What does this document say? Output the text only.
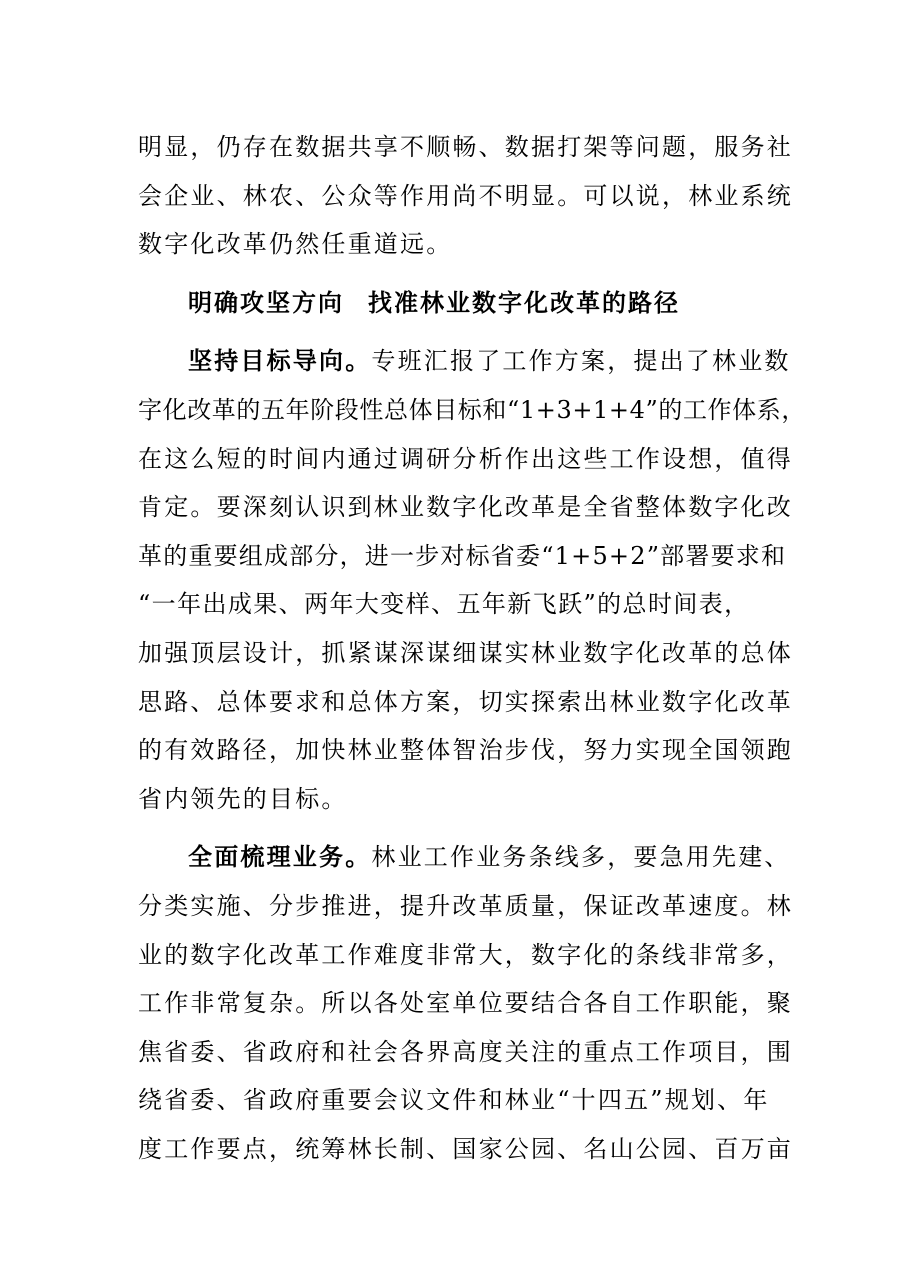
明显，仍存在数据共享不顺畅、数据打架等问题，服务社
会企业、林农、公众等作用尚不明显。可以说，林业系统
数字化改革仍然任重道远。
明确攻坚方向 找准林业数字化改革的路径
坚持目标导向。专班汇报了工作方案，提出了林业数
字化改革的五年阶段性总体目标和“1+3+1+4”的工作体系，
在这么短的时间内通过调研分析作出这些工作设想，值得
肯定。要深刻认识到林业数字化改革是全省整体数字化改
革的重要组成部分，进一步对标省委“1+5+2”部署要求和
“一年出成果、两年大变样、五年新飞跃”的总时间表，
加强顶层设计，抓紧谋深谋细谋实林业数字化改革的总体
思路、总体要求和总体方案，切实探索出林业数字化改革
的有效路径，加快林业整体智治步伐，努力实现全国领跑
省内领先的目标。
全面梳理业务。林业工作业务条线多，要急用先建、
分类实施、分步推进，提升改革质量，保证改革速度。林
业的数字化改革工作难度非常大，数字化的条线非常多，
工作非常复杂。所以各处室单位要结合各自工作职能，聚
焦省委、省政府和社会各界高度关注的重点工作项目，围
绕省委、省政府重要会议文件和林业“十四五”规划、年
度工作要点，统筹林长制、国家公园、名山公园、百万亩
